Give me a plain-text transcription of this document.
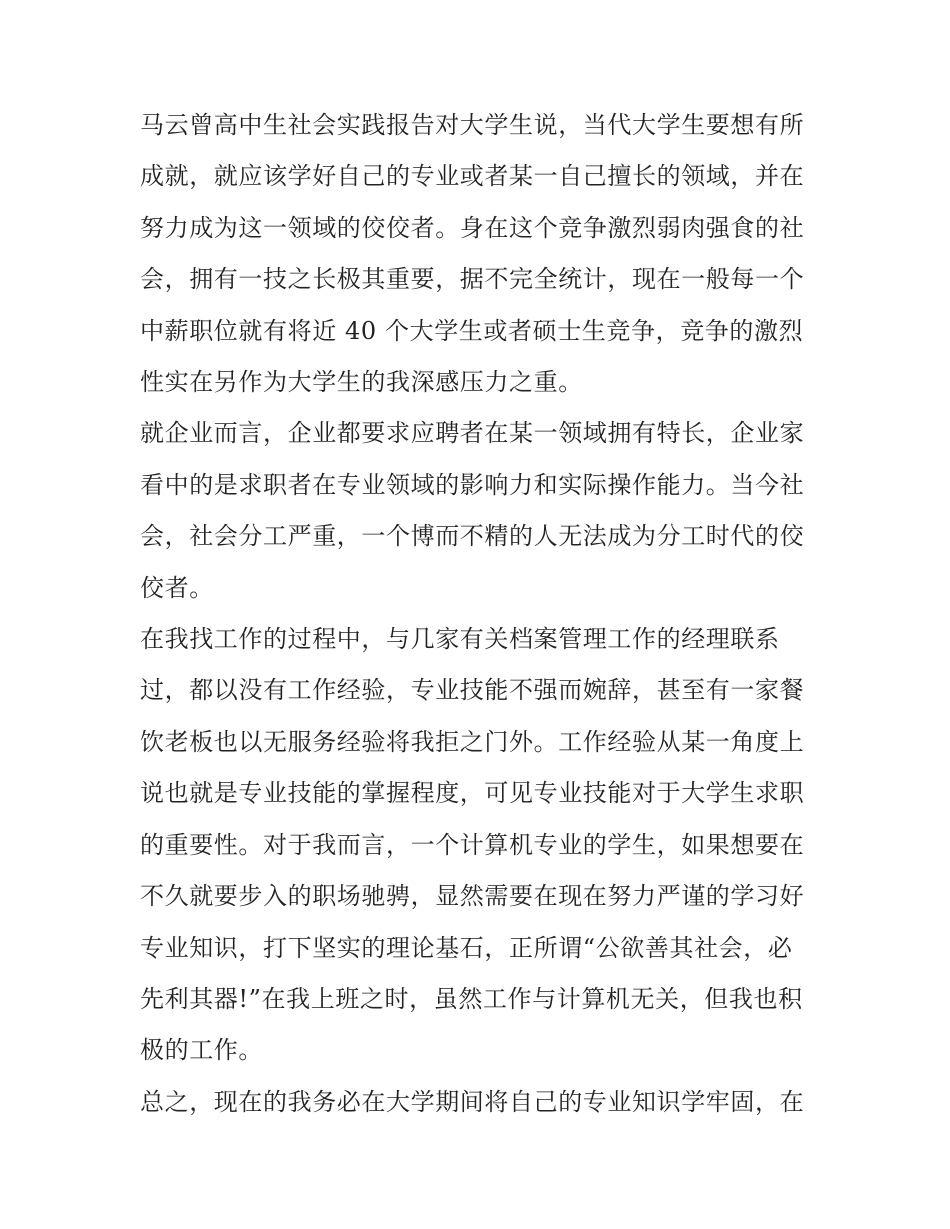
马云曾高中生社会实践报告对大学生说，当代大学生要想有所
成就，就应该学好自己的专业或者某一自己擅长的领域，并在
努力成为这一领域的佼佼者。身在这个竞争激烈弱肉强食的社
会，拥有一技之长极其重要，据不完全统计，现在一般每一个
中薪职位就有将近 40 个大学生或者硕士生竞争，竞争的激烈
性实在另作为大学生的我深感压力之重。

就企业而言，企业都要求应聘者在某一领域拥有特长，企业家
看中的是求职者在专业领域的影响力和实际操作能力。当今社
会，社会分工严重，一个博而不精的人无法成为分工时代的佼
佼者。

在我找工作的过程中，与几家有关档案管理工作的经理联系
过，都以没有工作经验，专业技能不强而婉辞，甚至有一家餐
饮老板也以无服务经验将我拒之门外。工作经验从某一角度上
说也就是专业技能的掌握程度，可见专业技能对于大学生求职
的重要性。对于我而言，一个计算机专业的学生，如果想要在
不久就要步入的职场驰骋，显然需要在现在努力严谨的学习好
专业知识，打下坚实的理论基石，正所谓“公欲善其社会，必
先利其器!”在我上班之时，虽然工作与计算机无关，但我也积
极的工作。

总之，现在的我务必在大学期间将自己的专业知识学牢固，在
